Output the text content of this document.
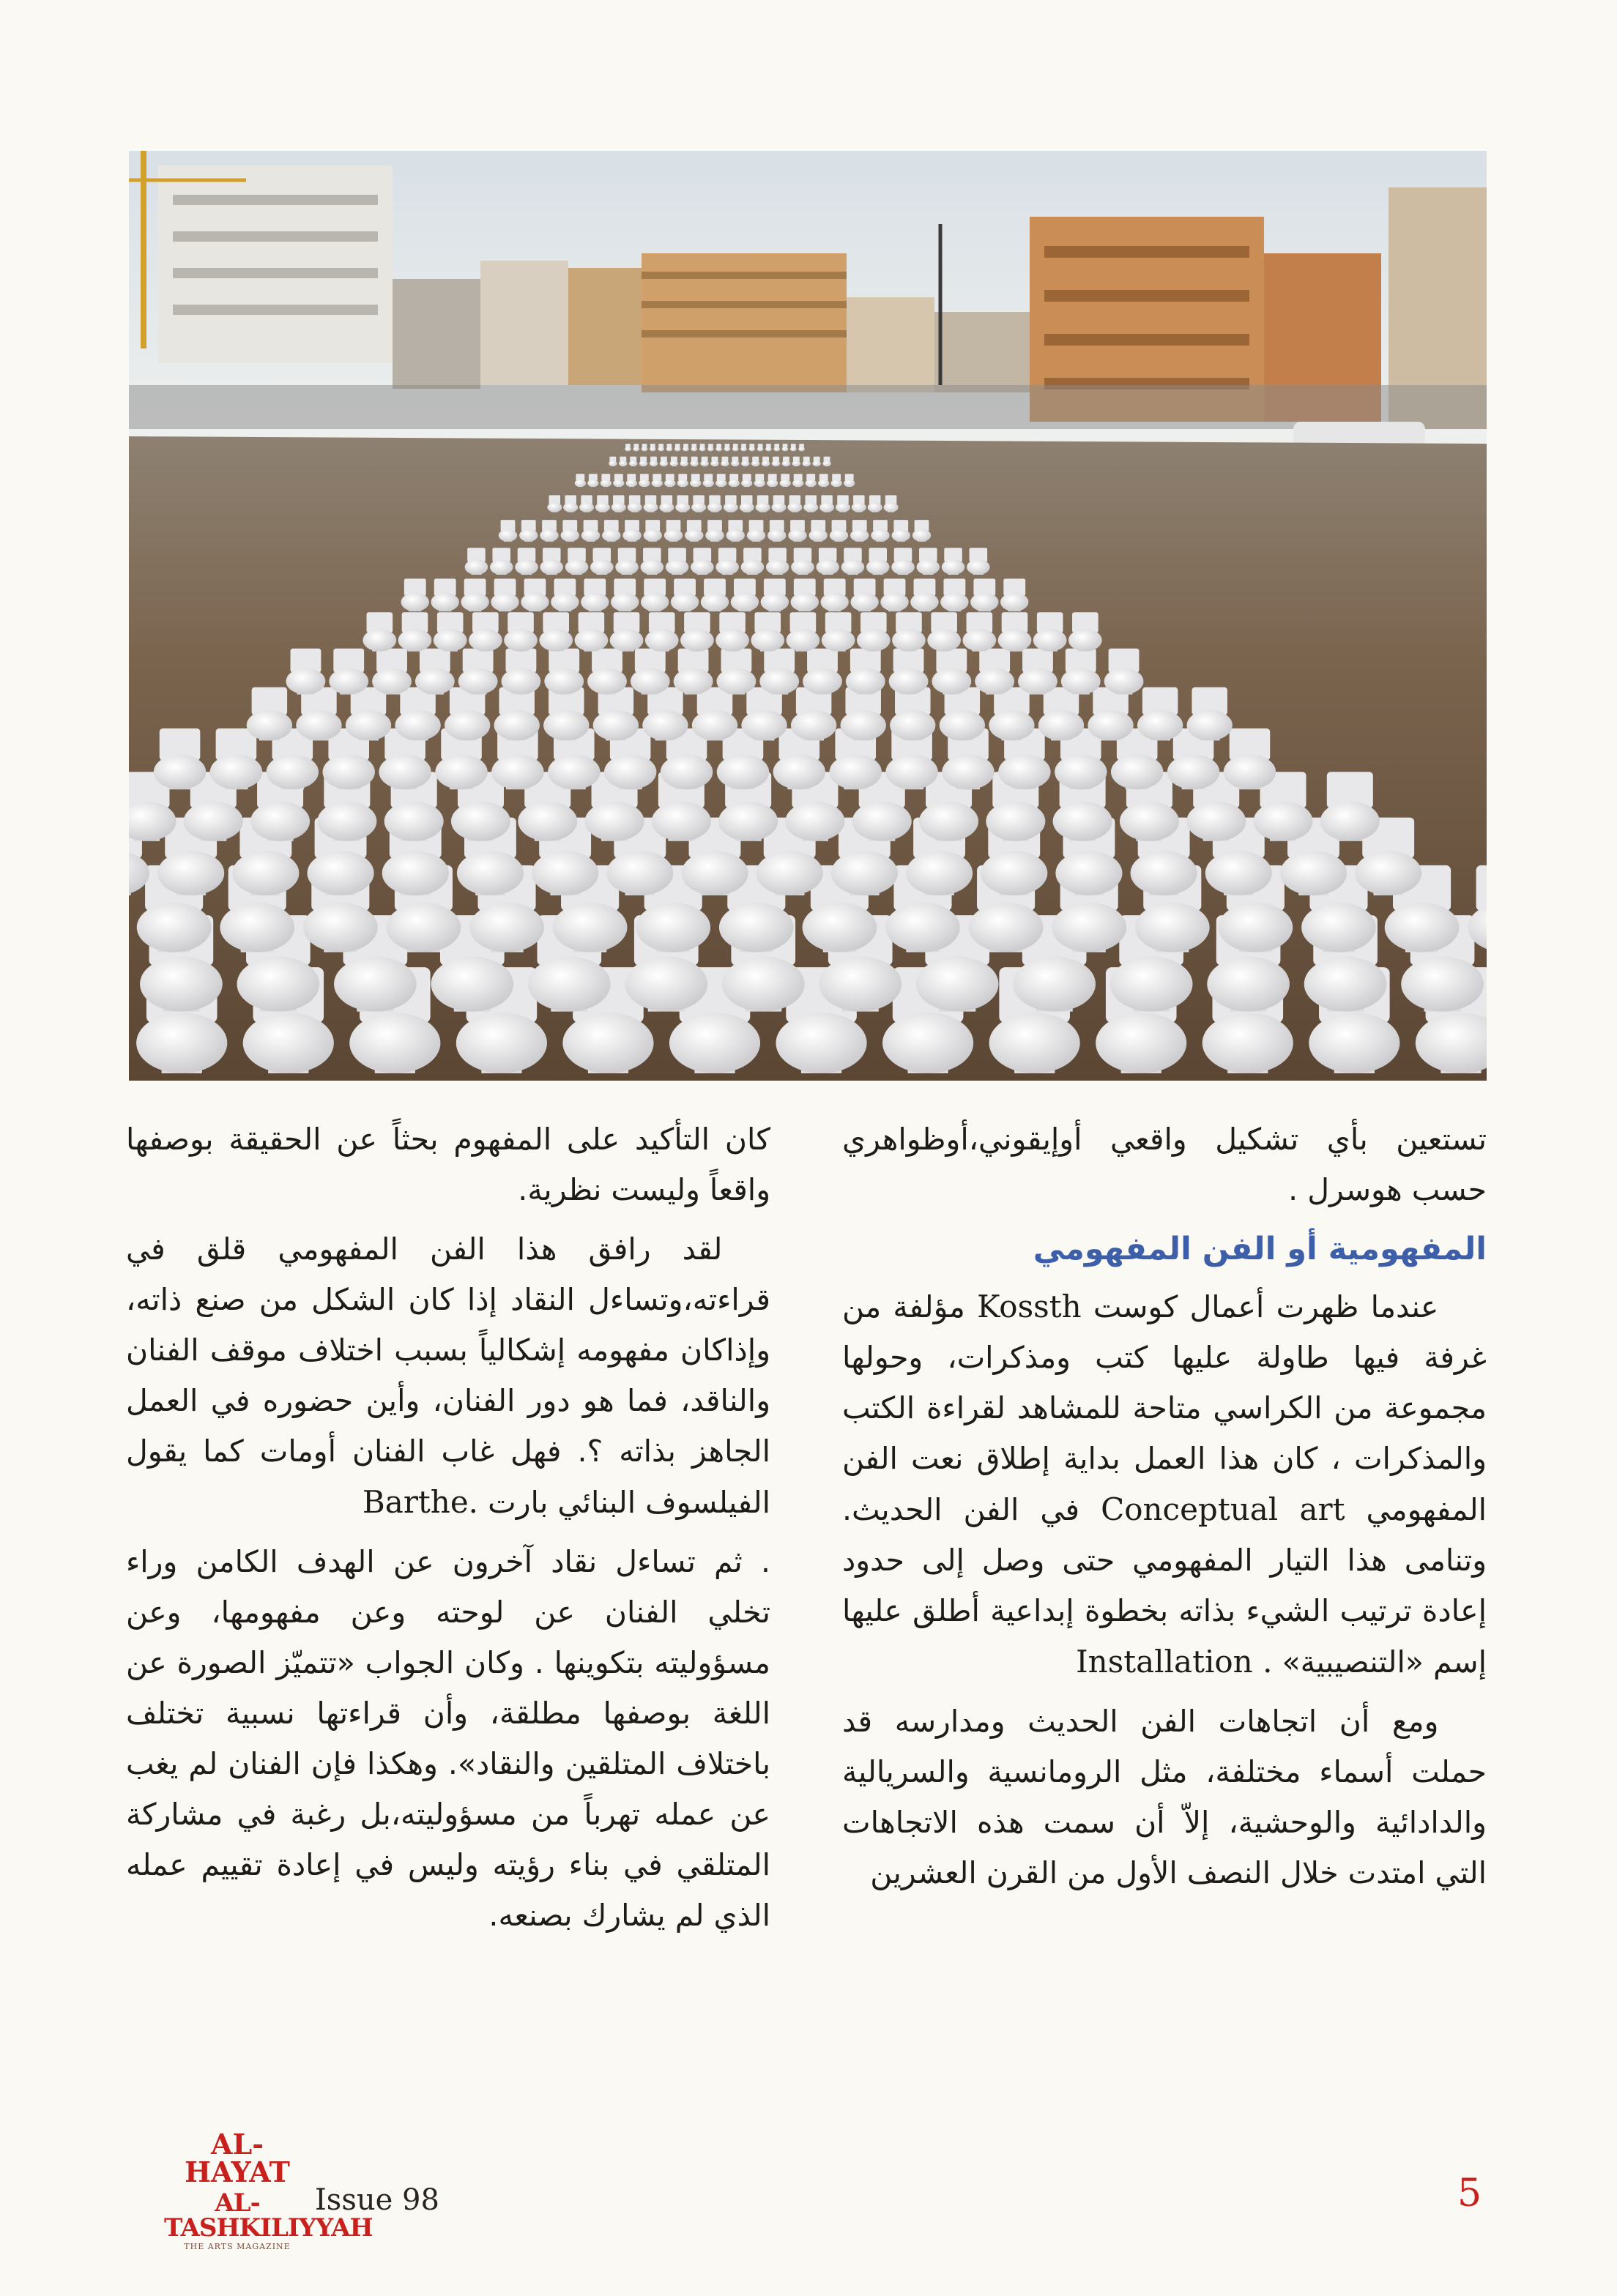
تستعين بأي تشكيل واقعي أوإيقوني،أوظواهري حسب هوسرل .

المفهومية أو الفن المفهومي

عندما ظهرت أعمال كوست Kossth مؤلفة من غرفة فيها طاولة عليها كتب ومذكرات، وحولها مجموعة من الكراسي متاحة للمشاهد لقراءة الكتب والمذكرات ، كان هذا العمل بداية إطلاق نعت الفن المفهومي Conceptual art في الفن الحديث. وتنامى هذا التيار المفهومي حتى وصل إلى حدود إعادة ترتيب الشيء بذاته بخطوة إبداعية أطلق عليها إسم «التنصيبية» Installation .

ومع أن اتجاهات الفن الحديث ومدارسه قد حملت أسماء مختلفة، مثل الرومانسية والسريالية والدادائية والوحشية، إلاّ أن سمت هذه الاتجاهات التي امتدت خلال النصف الأول من القرن العشرين

كان التأكيد على المفهوم بحثاً عن الحقيقة بوصفها واقعاً وليست نظرية.

لقد رافق هذا الفن المفهومي قلق في قراءته،وتساءل النقاد إذا كان الشكل من صنع ذاته، وإذاكان مفهومه إشكالياً بسبب اختلاف موقف الفنان والناقد، فما هو دور الفنان، وأين حضوره في العمل الجاهز بذاته ؟. فهل غاب الفنان أومات كما يقول الفيلسوف البنائي بارت Barthe.

. ثم تساءل نقاد آخرون عن الهدف الكامن وراء تخلي الفنان عن لوحته وعن مفهومها، وعن مسؤوليته بتكوينها . وكان الجواب «تتميّز الصورة عن اللغة بوصفها مطلقة، وأن قراءتها نسبية تختلف باختلاف المتلقين والنقاد». وهكذا فإن الفنان لم يغب عن عمله تهرباً من مسؤوليته،بل رغبة في مشاركة المتلقي في بناء رؤيته وليس في إعادة تقييم عمله الذي لم يشارك بصنعه.

AL-HAYAT
AL-TASHKILIYYAH
THE ARTS MAGAZINE
Issue 98	5
